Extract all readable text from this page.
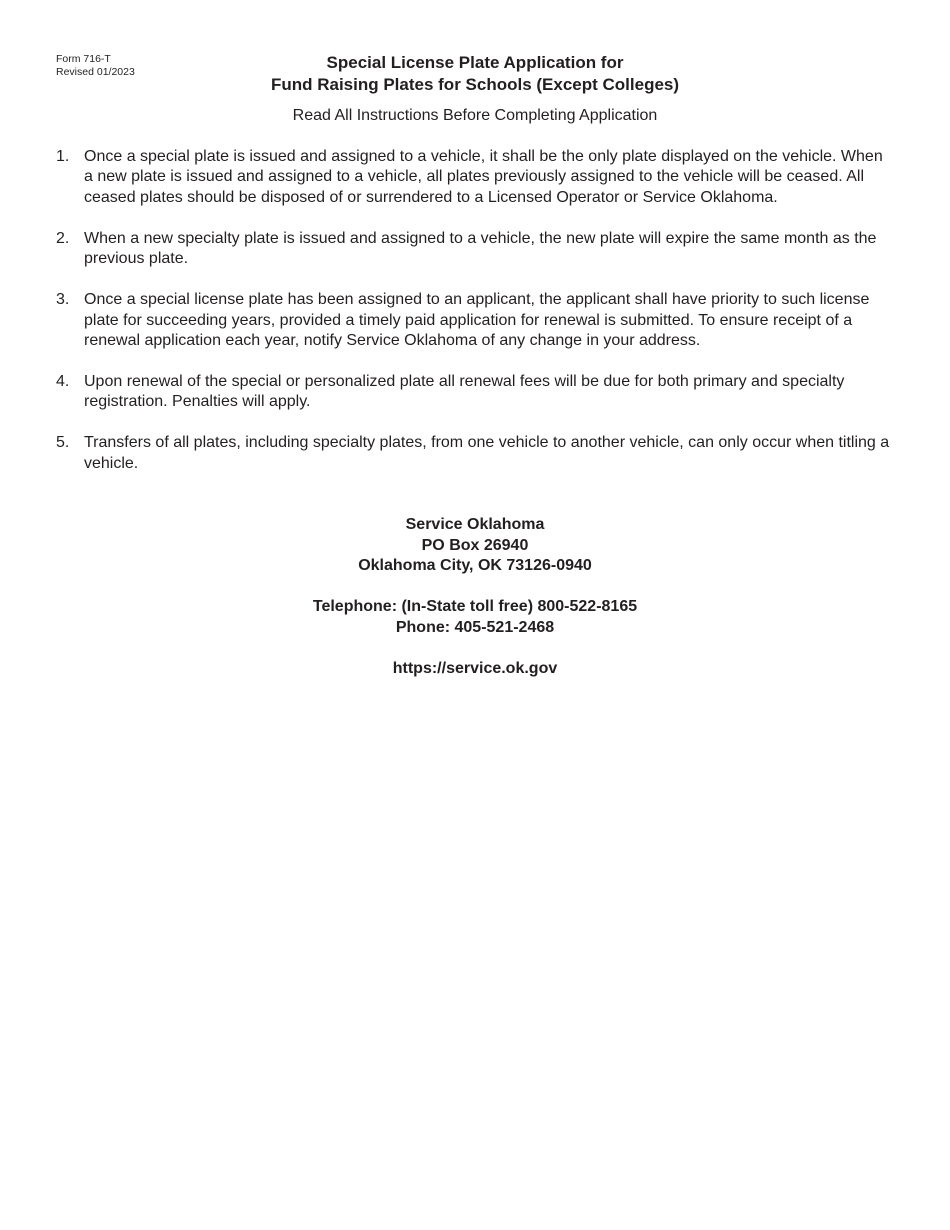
Form 716-T
Revised 01/2023	Special License Plate Application for
Fund Raising Plates for Schools (Except Colleges)
Read All Instructions Before Completing Application
1. Once a special plate is issued and assigned to a vehicle, it shall be the only plate displayed on the vehicle. When a new plate is issued and assigned to a vehicle, all plates previously assigned to the vehicle will be ceased. All ceased plates should be disposed of or surrendered to a Licensed Operator or Service Oklahoma.
2. When a new specialty plate is issued and assigned to a vehicle, the new plate will expire the same month as the previous plate.
3. Once a special license plate has been assigned to an applicant, the applicant shall have priority to such license plate for succeeding years, provided a timely paid application for renewal is submitted. To ensure receipt of a renewal application each year, notify Service Oklahoma of any change in your address.
4. Upon renewal of the special or personalized plate all renewal fees will be due for both primary and specialty registration. Penalties will apply.
5. Transfers of all plates, including specialty plates, from one vehicle to another vehicle, can only occur when titling a vehicle.
Service Oklahoma
PO Box 26940
Oklahoma City, OK 73126-0940
Telephone: (In-State toll free) 800-522-8165
Phone: 405-521-2468
https://service.ok.gov
